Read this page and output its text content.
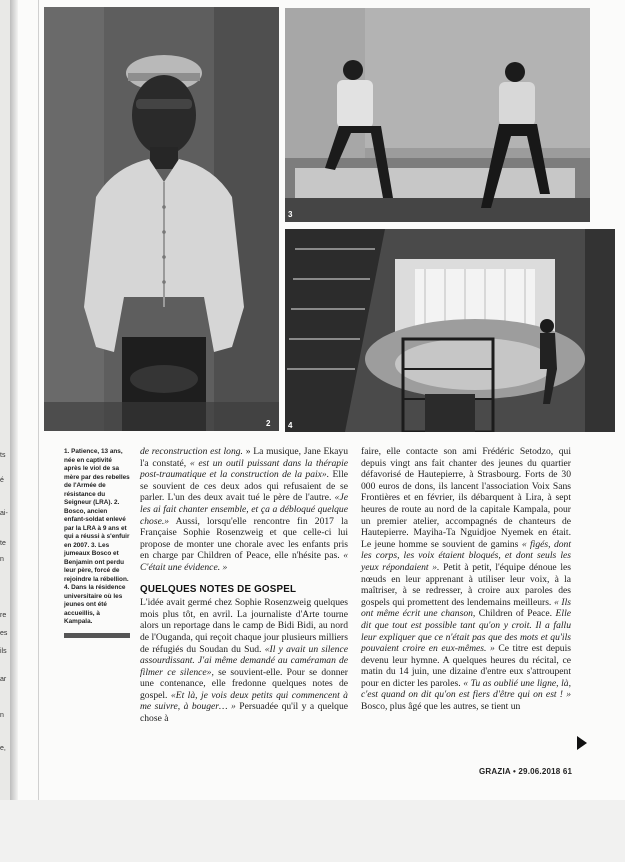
ts
é
ai-
te
n
re
es
ils
ar
n
e,
2
3
4
1. Patience, 13 ans, née en captivité après le viol de sa mère par des rebelles de l'Armée de résistance du Seigneur (LRA). 2. Bosco, ancien enfant-soldat enlevé par la LRA à 9 ans et qui a réussi à s'enfuir en 2007. 3. Les jumeaux Bosco et Benjamin ont perdu leur père, forcé de rejoindre la rébellion. 4. Dans la résidence universitaire où les jeunes ont été accueillis, à Kampala.

de reconstruction est long. » La musique, Jane Ekayu l'a constaté, « est un outil puissant dans la thérapie post-traumatique et la construction de la paix». Elle se souvient de ces deux ados qui refusaient de se parler. L'un des deux avait tué le père de l'autre. «Je les ai fait chanter ensemble, et ça a débloqué quelque chose.» Aussi, lorsqu'elle rencontre fin 2017 la Française Sophie Rosenzweig et que celle-ci lui propose de monter une chorale avec les enfants pris en charge par Children of Peace, elle n'hésite pas. « C'était une évidence. »

QUELQUES NOTES DE GOSPEL

L'idée avait germé chez Sophie Rosenzweig quelques mois plus tôt, en avril. La journaliste d'Arte tourne alors un reportage dans le camp de Bidi Bidi, au nord de l'Ouganda, qui reçoit chaque jour plusieurs milliers de réfugiés du Soudan du Sud. «Il y avait un silence assourdissant. J'ai même demandé au caméraman de filmer ce silence», se souvient-elle. Pour se donner une contenance, elle fredonne quelques notes de gospel. «Et là, je vois deux petits qui commencent à me suivre, à bouger… » Persuadée qu'il y a quelque chose à

faire, elle contacte son ami Frédéric Setodzo, qui depuis vingt ans fait chanter des jeunes du quartier défavorisé de Hautepierre, à Strasbourg. Forts de 30 000 euros de dons, ils lancent l'association Voix Sans Frontières et en février, ils débarquent à Lira, à sept heures de route au nord de la capitale Kampala, pour un premier atelier, accompagnés de chanteurs de Hautepierre. Mayiha-Ta Nguidjoe Nyemek en était. Le jeune homme se souvient de gamins « figés, dont les corps, les voix étaient bloqués, et dont seuls les yeux répondaient ». Petit à petit, l'équipe dénoue les nœuds en leur apprenant à utiliser leur voix, à la maîtriser, à se redresser, à croire aux paroles des gospels qui promettent des lendemains meilleurs. « Ils ont même écrit une chanson, Children of Peace. Elle dit que tout est possible tant qu'on y croit. Il a fallu leur expliquer que ce n'était pas que des mots et qu'ils pouvaient croire en eux-mêmes. » Ce titre est depuis devenu leur hymne. A quelques heures du récital, ce matin du 14 juin, une dizaine d'entre eux s'attroupent pour en dicter les paroles. « Tu as oublié une ligne, là, c'est quand on dit qu'on est fiers d'être qui on est ! » Bosco, plus âgé que les autres, se tient un

GRAZIA • 29.06.2018 61
